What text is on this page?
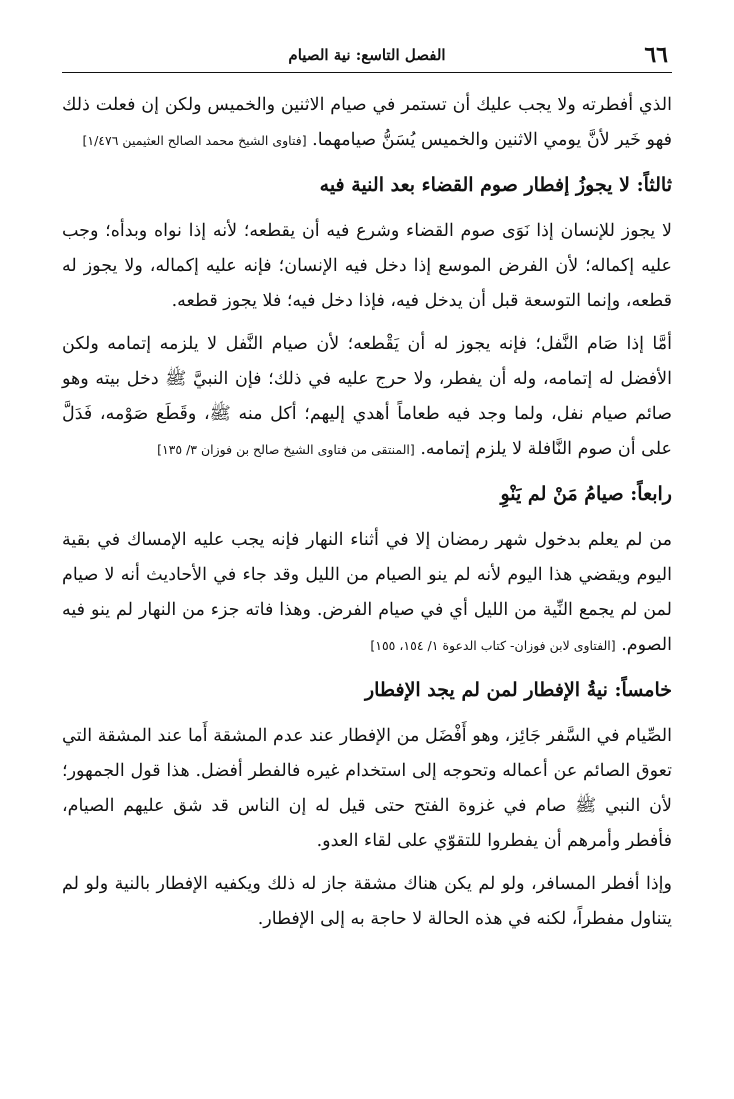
٦٦
الفصل التاسع: نية الصيام

الذي أفطرته ولا يجب عليك أن تستمر في صيام الاثنين والخميس ولكن إن فعلت ذلك فهو خَير لأنَّ يومي الاثنين والخميس يُسَنُّ صيامهما. [فتاوى الشيخ محمد الصالح العثيمين ١/٤٧٦]

ثالثاً: لا يجوزُ إفطار صوم القضاء بعد النية فيه

لا يجوز للإنسان إذا نَوَى صوم القضاء وشرع فيه أن يقطعه؛ لأنه إذا نواه وبدأه؛ وجب عليه إكماله؛ لأن الفرض الموسع إذا دخل فيه الإنسان؛ فإنه عليه إكماله، ولا يجوز له قطعه، وإنما التوسعة قبل أن يدخل فيه، فإذا دخل فيه؛ فلا يجوز قطعه.

أمَّا إذا صَام النَّفل؛ فإنه يجوز له أن يَقْطعه؛ لأن صيام النَّفل لا يلزمه إتمامه ولكن الأفضل له إتمامه، وله أن يفطر، ولا حرج عليه في ذلك؛ فإن النبيَّ ﷺ دخل بيته وهو صائم صيام نفل، ولما وجد فيه طعاماً أهدي إليهم؛ أكل منه ﷺ، وقَطَع صَوْمه، فَدَلَّ على أن صوم النَّافلة لا يلزم إتمامه. [المنتقى من فتاوى الشيخ صالح بن فوزان ٣/ ١٣٥]

رابعاً: صيامُ مَنْ لم يَنْوِ

من لم يعلم بدخول شهر رمضان إلا في أثناء النهار فإنه يجب عليه الإمساك في بقية اليوم ويقضي هذا اليوم لأنه لم ينو الصيام من الليل وقد جاء في الأحاديث أنه لا صيام لمن لم يجمع النِّية من الليل أي في صيام الفرض. وهذا فاته جزء من النهار لم ينو فيه الصوم. [الفتاوى لابن فوزان- كتاب الدعوة ١/ ١٥٤، ١٥٥]

خامساً: نيةُ الإفطار لمن لم يجد الإفطار

الصِّيام في السَّفر جَائِز، وهو أَفْضَل من الإفطار عند عدم المشقة أَما عند المشقة التي تعوق الصائم عن أعماله وتحوجه إلى استخدام غيره فالفطر أفضل. هذا قول الجمهور؛ لأن النبي ﷺ صام في غزوة الفتح حتى قيل له إن الناس قد شق عليهم الصيام، فأفطر وأمرهم أن يفطروا للتقوّي على لقاء العدو.

وإذا أفطر المسافر، ولو لم يكن هناك مشقة جاز له ذلك ويكفيه الإفطار بالنية ولو لم يتناول مفطراً، لكنه في هذه الحالة لا حاجة به إلى الإفطار.
